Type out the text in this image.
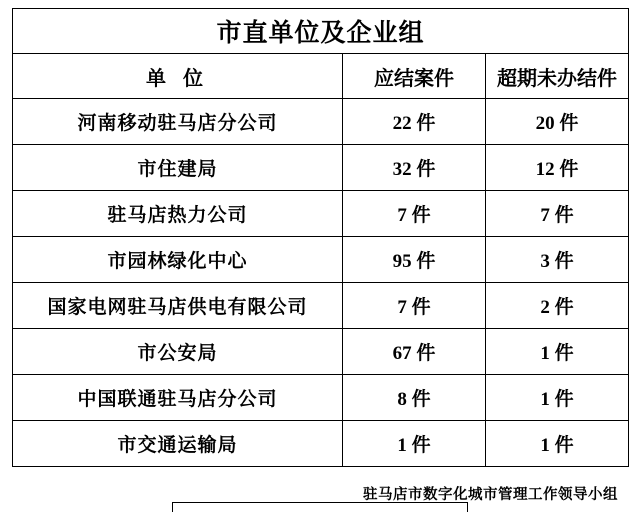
市直单位及企业组		
单 位	应结案件	超期未办结件
河南移动驻马店分公司	22 件	20 件
市住建局	32 件	12 件
驻马店热力公司	7 件	7 件
市园林绿化中心	95 件	3 件
国家电网驻马店供电有限公司	7 件	2 件
市公安局	67 件	1 件
中国联通驻马店分公司	8 件	1 件
市交通运输局	1 件	1 件
驻马店市数字化城市管理工作领导小组
